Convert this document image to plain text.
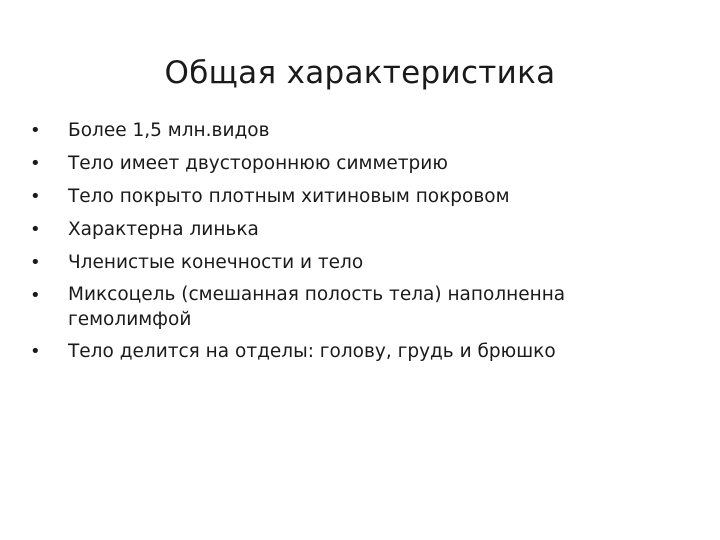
Общая характеристика
• Более 1,5 млн.видов
• Тело имеет двустороннюю симметрию
• Тело покрыто плотным хитиновым покровом
• Характерна линька
• Членистые конечности и тело
• Миксоцель (смешанная полость тела) наполненна гемолимфой
• Тело делится на отделы: голову, грудь и брюшко
